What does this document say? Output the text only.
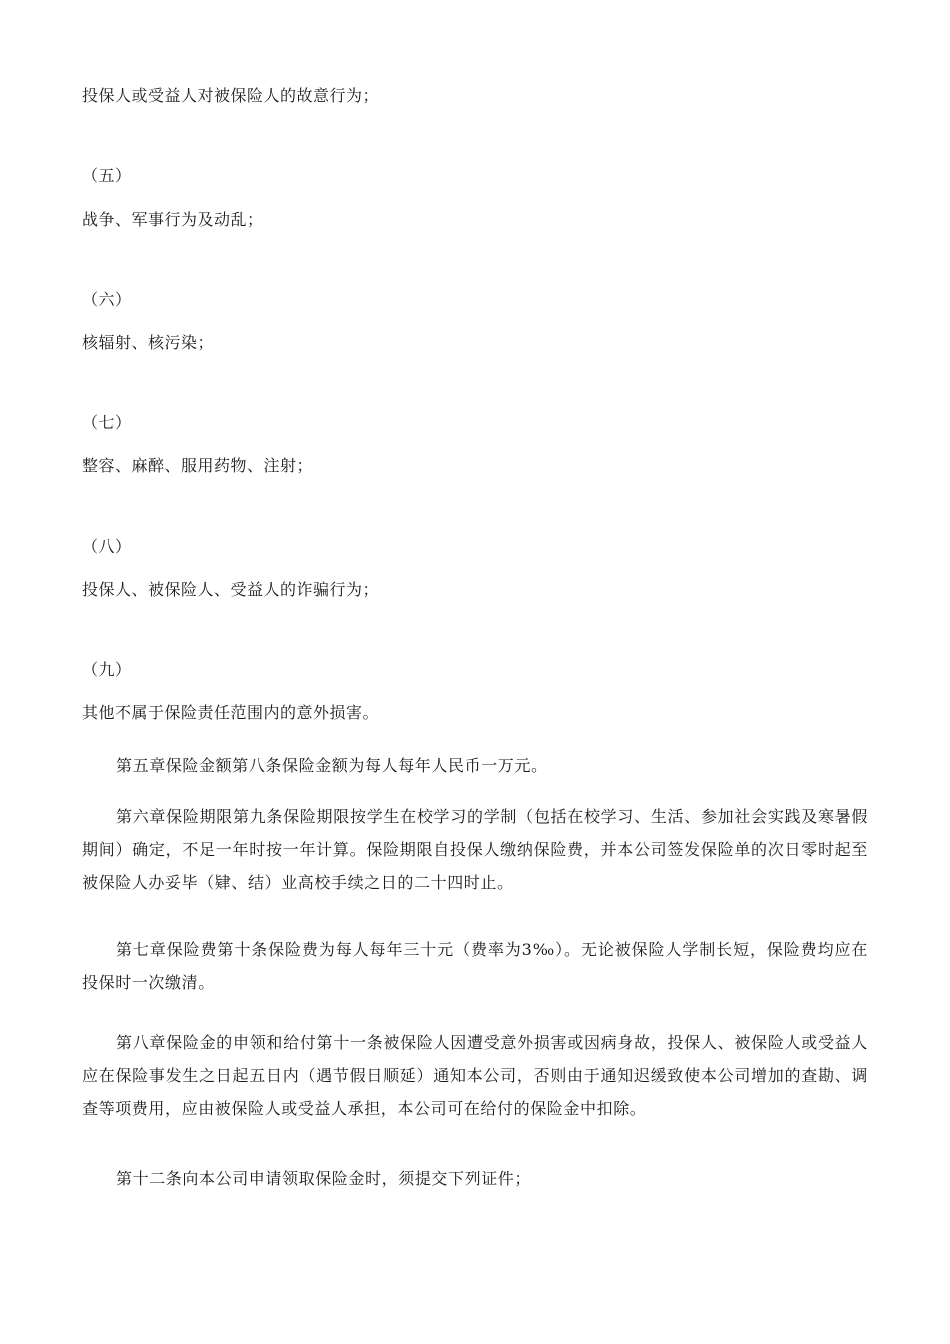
投保人或受益人对被保险人的故意行为；
（五）
战争、军事行为及动乱；
（六）
核辐射、核污染；
（七）
整容、麻醉、服用药物、注射；
（八）
投保人、被保险人、受益人的诈骗行为；
（九）
其他不属于保险责任范围内的意外损害。
第五章保险金额第八条保险金额为每人每年人民币一万元。
第六章保险期限第九条保险期限按学生在校学习的学制（包括在校学习、生活、参加社会实践及寒暑假期间）确定，不足一年时按一年计算。保险期限自投保人缴纳保险费，并本公司签发保险单的次日零时起至被保险人办妥毕（肄、结）业高校手续之日的二十四时止。
第七章保险费第十条保险费为每人每年三十元（费率为3‰）。无论被保险人学制长短，保险费均应在投保时一次缴清。
第八章保险金的申领和给付第十一条被保险人因遭受意外损害或因病身故，投保人、被保险人或受益人应在保险事发生之日起五日内（遇节假日顺延）通知本公司，否则由于通知迟缓致使本公司增加的查勘、调查等项费用，应由被保险人或受益人承担，本公司可在给付的保险金中扣除。
第十二条向本公司申请领取保险金时，须提交下列证件；
